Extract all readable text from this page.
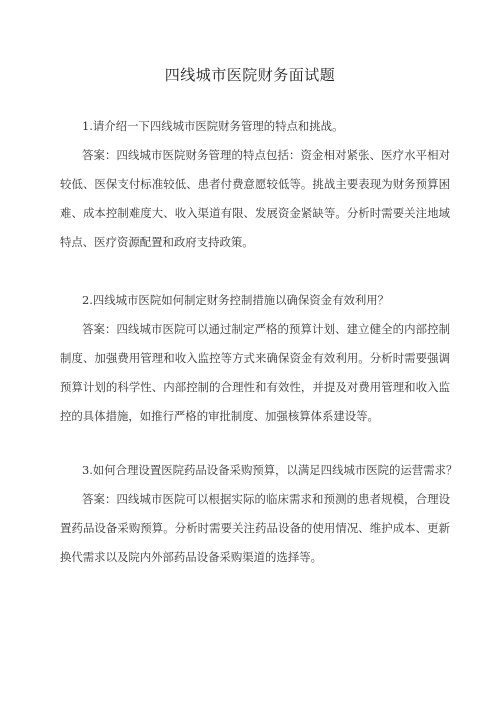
四线城市医院财务面试题

1.请介绍一下四线城市医院财务管理的特点和挑战。

答案：四线城市医院财务管理的特点包括：资金相对紧张、医疗水平相对较低、医保支付标准较低、患者付费意愿较低等。挑战主要表现为财务预算困难、成本控制难度大、收入渠道有限、发展资金紧缺等。分析时需要关注地域特点、医疗资源配置和政府支持政策。

2.四线城市医院如何制定财务控制措施以确保资金有效利用？

答案：四线城市医院可以通过制定严格的预算计划、建立健全的内部控制制度、加强费用管理和收入监控等方式来确保资金有效利用。分析时需要强调预算计划的科学性、内部控制的合理性和有效性，并提及对费用管理和收入监控的具体措施，如推行严格的审批制度、加强核算体系建设等。

3.如何合理设置医院药品设备采购预算，以满足四线城市医院的运营需求？

答案：四线城市医院可以根据实际的临床需求和预测的患者规模，合理设置药品设备采购预算。分析时需要关注药品设备的使用情况、维护成本、更新换代需求以及院内外部药品设备采购渠道的选择等。
